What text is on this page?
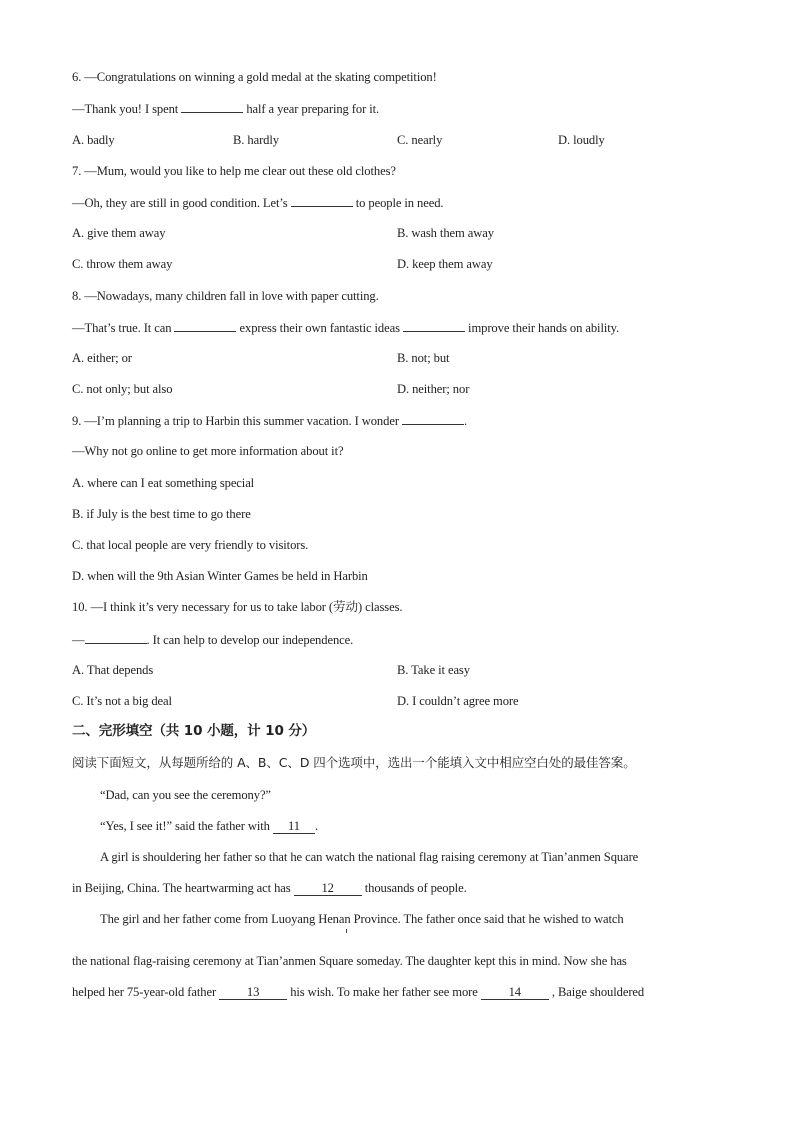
6. —Congratulations on winning a gold medal at the skating competition!
—Thank you! I spent	half a year preparing for it.
A. badly	B. hardly	C. nearly	D. loudly
7. —Mum, would you like to help me clear out these old clothes?
—Oh, they are still in good condition. Let’s	to people in need.
A. give them away	B. wash them away
C. throw them away	D. keep them away
8. —Nowadays, many children fall in love with paper cutting.
—That’s true. It can	express their own fantastic ideas	improve their hands on ability.
A. either; or	B. not; but
C. not only; but also	D. neither; nor
9. —I’m planning a trip to Harbin this summer vacation. I wonder	.
—Why not go online to get more information about it?
A. where can I eat something special
B. if July is the best time to go there
C. that local people are very friendly to visitors.
D. when will the 9th Asian Winter Games be held in Harbin
10. —I think it’s very necessary for us to take labor (劳动) classes.
—	. It can help to develop our independence.
A. That depends	B. Take it easy
C. It’s not a big deal	D. I couldn’t agree more
二、完形填空（共 10 小题，计 10 分）
阅读下面短文，从每题所给的 A、B、C、D 四个选项中，选出一个能填入文中相应空白处的最佳答案。
“Dad, can you see the ceremony?”
“Yes, I see it!” said the father with 11 .
A girl is shouldering her father so that he can watch the national flag raising ceremony at Tian’anmen Square
in Beijing, China. The heartwarming act has 12 thousands of people.
The girl and her father come from Luoyang Henan Province. The father once said that he wished to watch
the national flag-raising ceremony at Tian’anmen Square someday. The daughter kept this in mind. Now she has
helped her 75-year-old father 13 his wish. To make her father see more 14 , Baige shouldered
